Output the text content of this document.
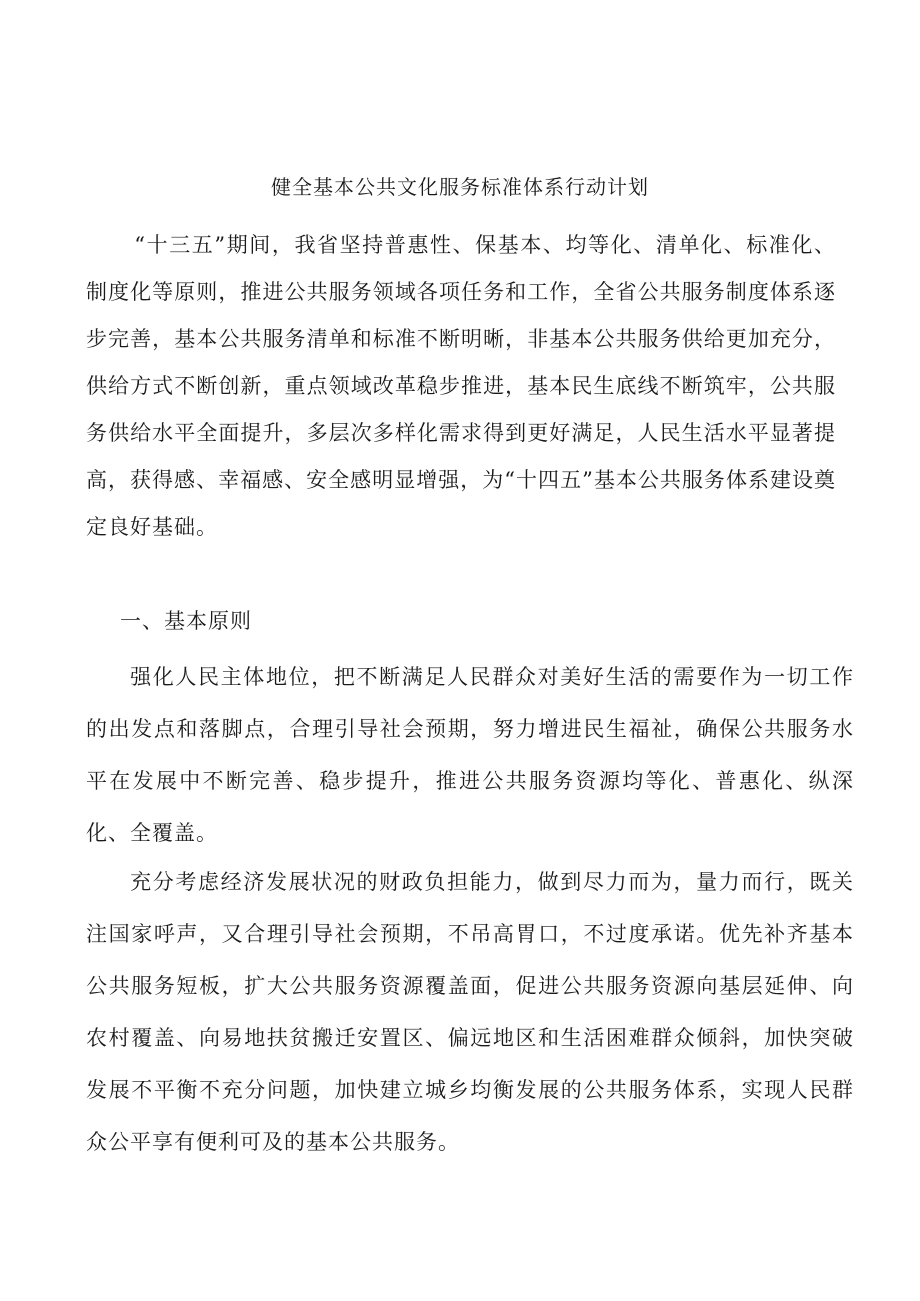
健全基本公共文化服务标准体系行动计划

“十三五”期间，我省坚持普惠性、保基本、均等化、清单化、标准化、制度化等原则，推进公共服务领域各项任务和工作，全省公共服务制度体系逐步完善，基本公共服务清单和标准不断明晰，非基本公共服务供给更加充分，供给方式不断创新，重点领域改革稳步推进，基本民生底线不断筑牢，公共服务供给水平全面提升，多层次多样化需求得到更好满足，人民生活水平显著提高，获得感、幸福感、安全感明显增强，为“十四五”基本公共服务体系建设奠定良好基础。

一、基本原则

强化人民主体地位，把不断满足人民群众对美好生活的需要作为一切工作的出发点和落脚点，合理引导社会预期，努力增进民生福祉，确保公共服务水平在发展中不断完善、稳步提升，推进公共服务资源均等化、普惠化、纵深化、全覆盖。

充分考虑经济发展状况的财政负担能力，做到尽力而为，量力而行，既关注国家呼声，又合理引导社会预期，不吊高胃口，不过度承诺。优先补齐基本公共服务短板，扩大公共服务资源覆盖面，促进公共服务资源向基层延伸、向农村覆盖、向易地扶贫搬迁安置区、偏远地区和生活困难群众倾斜，加快突破发展不平衡不充分问题，加快建立城乡均衡发展的公共服务体系，实现人民群众公平享有便利可及的基本公共服务。
